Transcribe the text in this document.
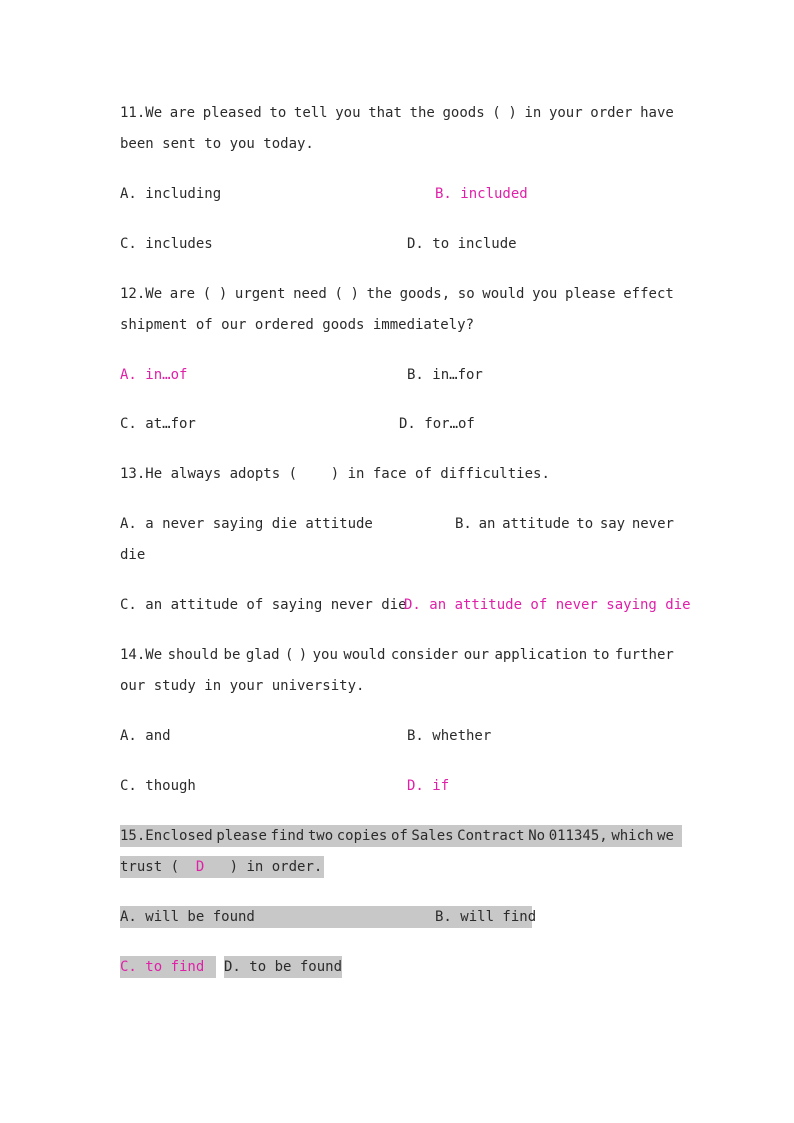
11.We are pleased to tell you that the goods ( ) in your order have
been sent to you today.
A. including	B. included
C. includes	D. to include
12.We are ( ) urgent need ( ) the goods, so would you please effect
shipment of our ordered goods immediately?
A. in…of	B. in…for
C. at…for	D. for…of
13.He always adopts (    ) in face of difficulties.
A. a never saying die attitude	B. an attitude to say never
die
C. an attitude of saying never die
D. an attitude of never saying die
14.We should be glad ( ) you would consider our application to further
our study in your university.
A. and	B. whether
C. though	D. if
15.Enclosed please find two copies of Sales Contract No 011345, which we
trust (  D   ) in order.
A. will be found	B. will find
C. to find	D. to be found
